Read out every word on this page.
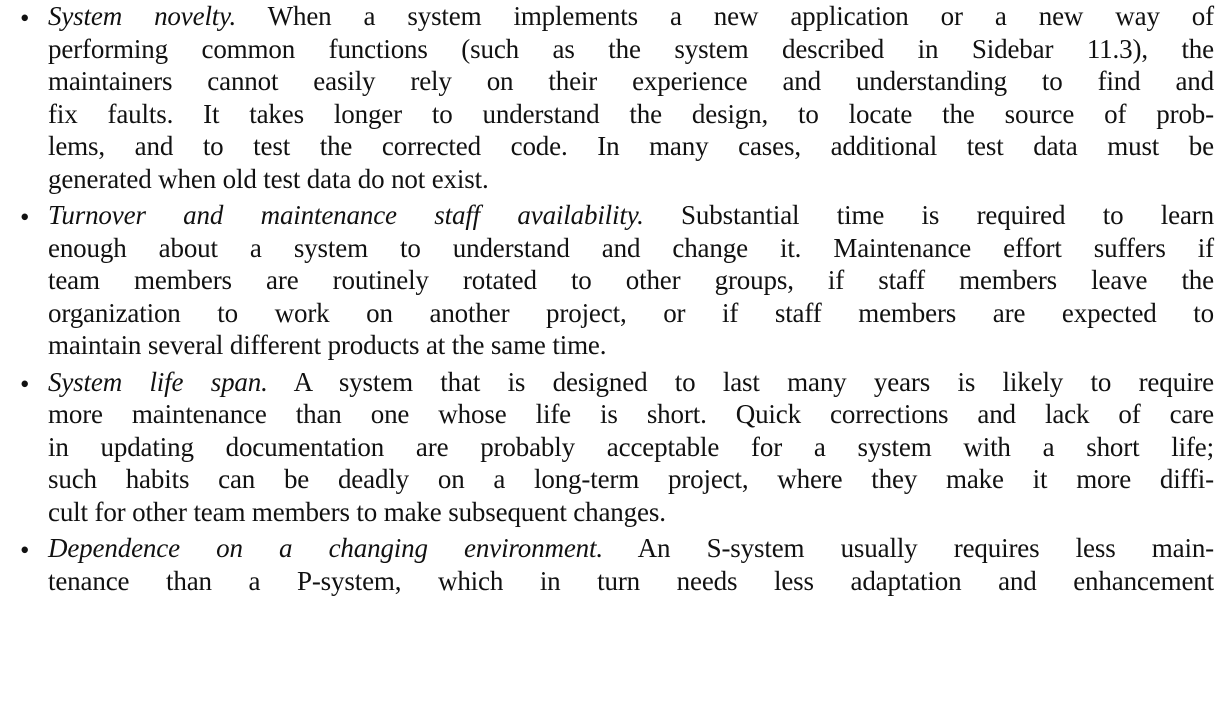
• System novelty. When a system implements a new application or a new way of
performing common functions (such as the system described in Sidebar 11.3), the
maintainers cannot easily rely on their experience and understanding to find and
fix faults. It takes longer to understand the design, to locate the source of prob-
lems, and to test the corrected code. In many cases, additional test data must be
generated when old test data do not exist.
• Turnover and maintenance staff availability. Substantial time is required to learn
enough about a system to understand and change it. Maintenance effort suffers if
team members are routinely rotated to other groups, if staff members leave the
organization to work on another project, or if staff members are expected to
maintain several different products at the same time.
• System life span. A system that is designed to last many years is likely to require
more maintenance than one whose life is short. Quick corrections and lack of care
in updating documentation are probably acceptable for a system with a short life;
such habits can be deadly on a long-term project, where they make it more diffi-
cult for other team members to make subsequent changes.
• Dependence on a changing environment. An S-system usually requires less main-
tenance than a P-system, which in turn needs less adaptation and enhancement
